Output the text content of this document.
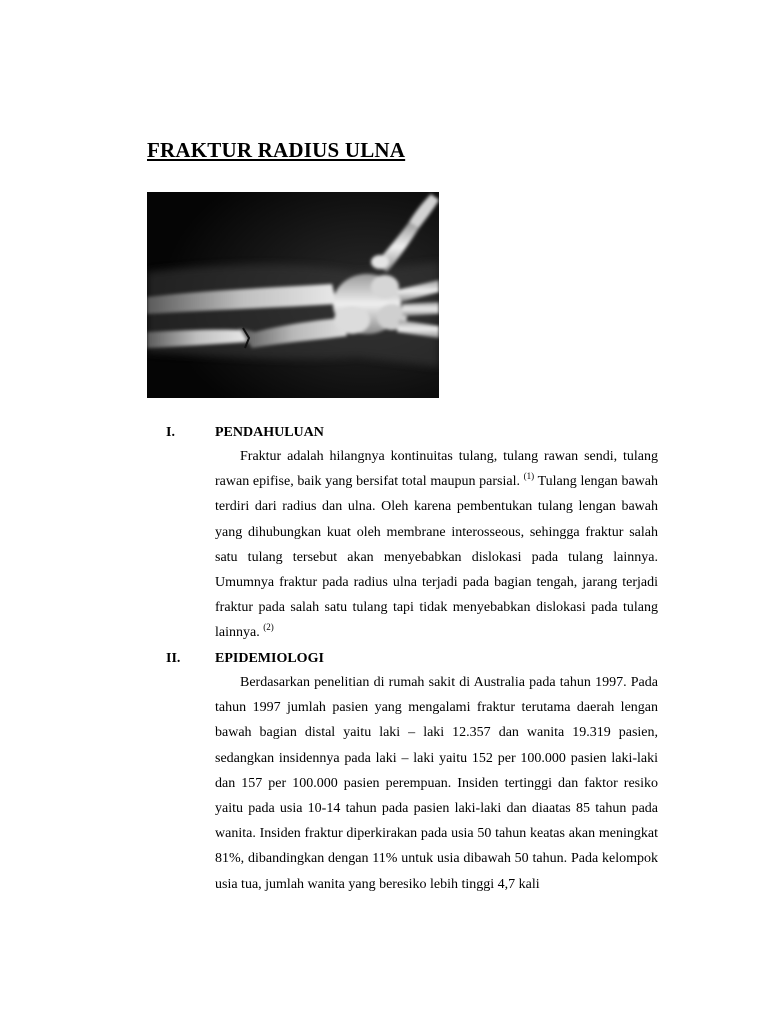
FRAKTUR RADIUS ULNA
I.	PENDAHULUAN
Fraktur adalah hilangnya kontinuitas tulang, tulang rawan sendi, tulang rawan epifise, baik yang bersifat total maupun parsial. $^{(1)}$ Tulang lengan bawah terdiri dari radius dan ulna. Oleh karena pembentukan tulang lengan bawah yang dihubungkan kuat oleh membrane interosseous, sehingga fraktur salah satu tulang tersebut akan menyebabkan dislokasi pada tulang lainnya. Umumnya fraktur pada radius ulna terjadi pada bagian tengah, jarang terjadi fraktur pada salah satu tulang tapi tidak menyebabkan dislokasi pada tulang lainnya. $^{(2)}$
II. EPIDEMIOLOGI
Berdasarkan penelitian di rumah sakit di Australia pada tahun 1997. Pada tahun 1997 jumlah pasien yang mengalami fraktur terutama daerah lengan bawah bagian distal yaitu laki – laki 12.357 dan wanita 19.319 pasien, sedangkan insidennya pada laki – laki yaitu 152 per 100.000 pasien laki-laki dan 157 per 100.000 pasien perempuan. Insiden tertinggi dan faktor resiko yaitu pada usia 10-14 tahun pada pasien laki-laki dan diaatas 85 tahun pada wanita. Insiden fraktur diperkirakan pada usia 50 tahun keatas akan meningkat 81%, dibandingkan dengan 11% untuk usia dibawah 50 tahun. Pada kelompok usia tua, jumlah wanita yang beresiko lebih tinggi 4,7 kali
